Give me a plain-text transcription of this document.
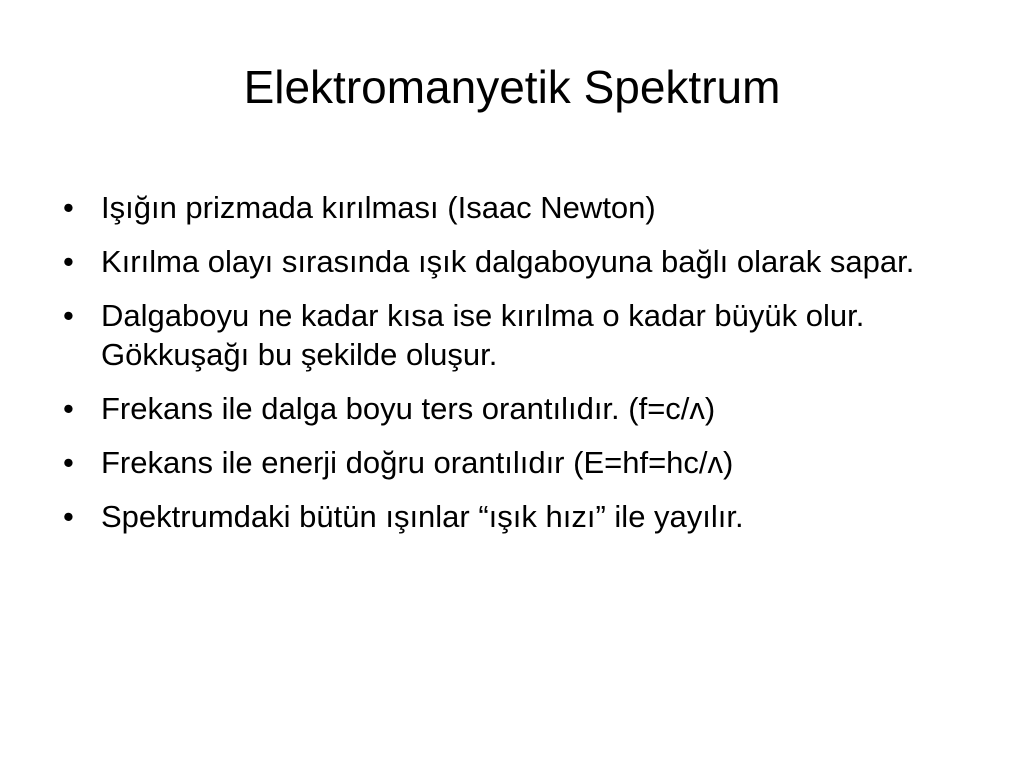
Elektromanyetik Spektrum
• Işığın prizmada kırılması (Isaac Newton)
• Kırılma olayı sırasında ışık dalgaboyuna bağlı olarak sapar.
• Dalgaboyu ne kadar kısa ise kırılma o kadar büyük olur. Gökkuşağı bu şekilde oluşur.
• Frekans ile dalga boyu ters orantılıdır. (f=c/ʌ)
• Frekans ile enerji doğru orantılıdır (E=hf=hc/ʌ)
• Spektrumdaki bütün ışınlar “ışık hızı” ile yayılır.
